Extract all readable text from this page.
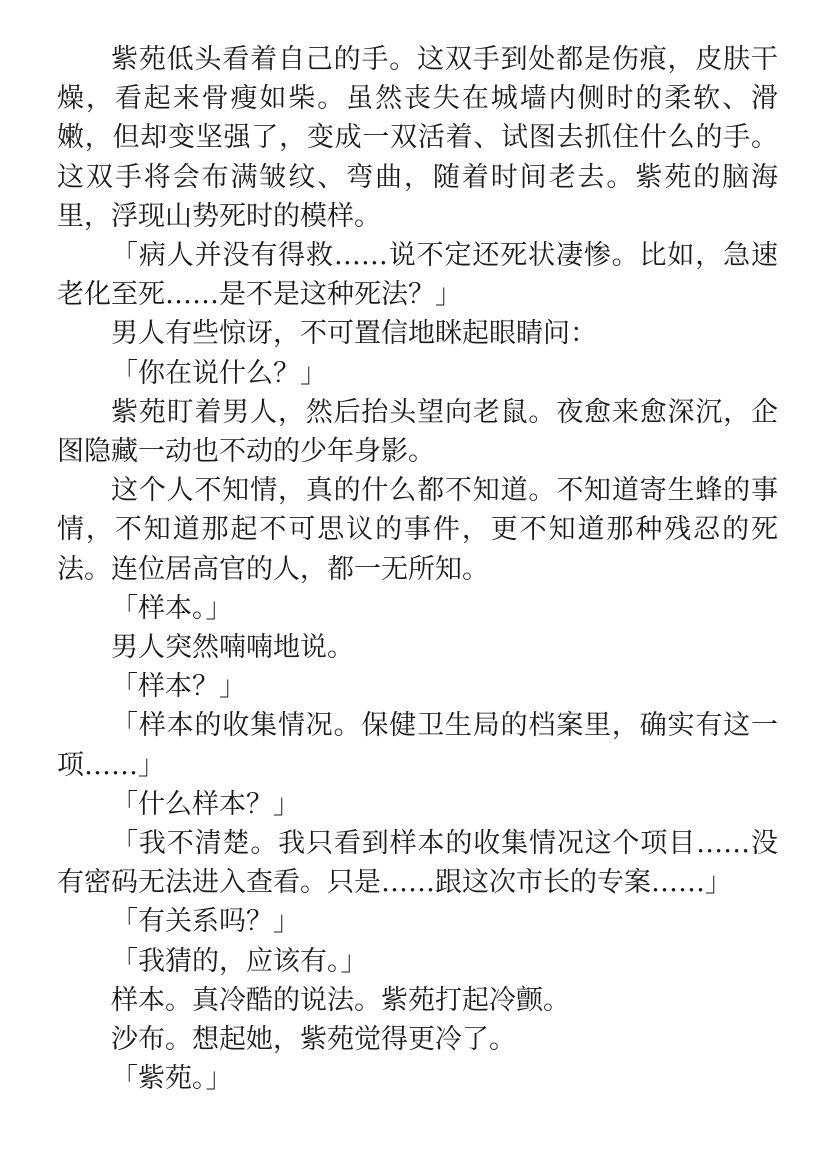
紫苑低头看着自己的手。这双手到处都是伤痕，皮肤干燥，看起来骨瘦如柴。虽然丧失在城墙内侧时的柔软、滑嫩，但却变坚强了，变成一双活着、试图去抓住什么的手。这双手将会布满皱纹、弯曲，随着时间老去。紫苑的脑海里，浮现山势死时的模样。

「病人并没有得救……说不定还死状凄惨。比如，急速老化至死……是不是这种死法？」

男人有些惊讶，不可置信地眯起眼睛问：

「你在说什么？」

紫苑盯着男人，然后抬头望向老鼠。夜愈来愈深沉，企图隐藏一动也不动的少年身影。

这个人不知情，真的什么都不知道。不知道寄生蜂的事情，不知道那起不可思议的事件，更不知道那种残忍的死法。连位居高官的人，都一无所知。

「样本。」

男人突然喃喃地说。

「样本？」

「样本的收集情况。保健卫生局的档案里，确实有这一项……」

「什么样本？」

「我不清楚。我只看到样本的收集情况这个项目……没有密码无法进入查看。只是……跟这次市长的专案……」

「有关系吗？」

「我猜的，应该有。」

样本。真冷酷的说法。紫苑打起冷颤。

沙布。想起她，紫苑觉得更冷了。

「紫苑。」
